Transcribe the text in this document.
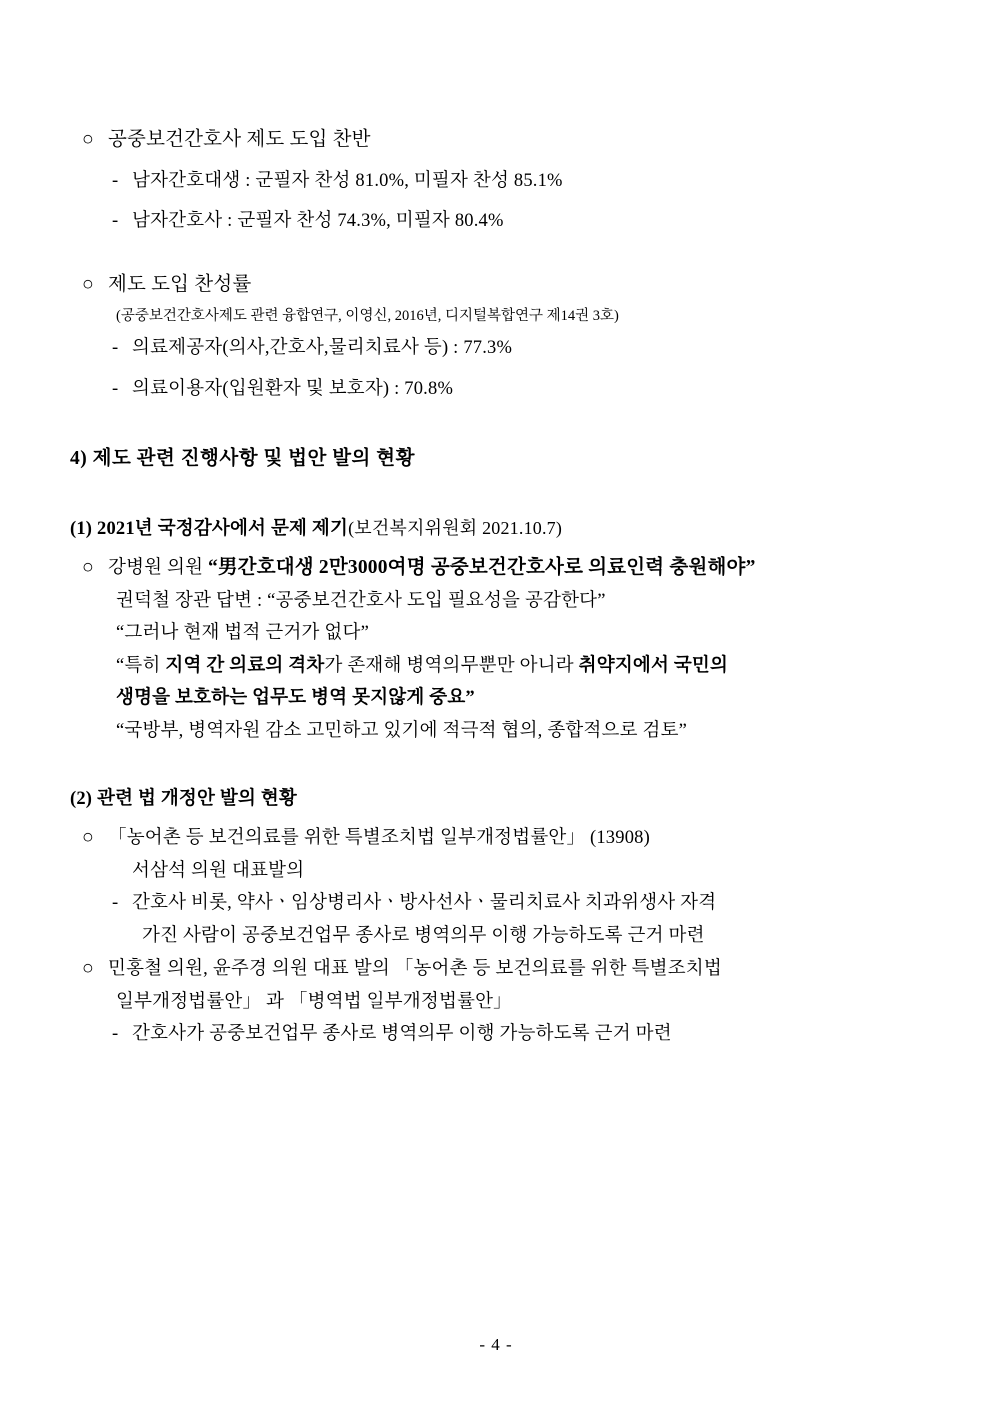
○ 공중보건간호사 제도 도입 찬반
- 남자간호대생 : 군필자 찬성 81.0%, 미필자 찬성 85.1%
- 남자간호사 : 군필자 찬성 74.3%, 미필자 80.4%
○ 제도 도입 찬성률
(공중보건간호사제도 관련 융합연구, 이영신, 2016년, 디지털복합연구 제14권 3호)
- 의료제공자(의사,간호사,물리치료사 등) : 77.3%
- 의료이용자(입원환자 및 보호자) : 70.8%
4) 제도 관련 진행사항 및 법안 발의 현황
(1) 2021년 국정감사에서 문제 제기(보건복지위원회 2021.10.7)
○ 강병원 의원 “男간호대생 2만3000여명 공중보건간호사로 의료인력 충원해야”
권덕철 장관 답변 : “공중보건간호사 도입 필요성을 공감한다”
“그러나 현재 법적 근거가 없다”
“특히 지역 간 의료의 격차가 존재해 병역의무뿐만 아니라 취약지에서 국민의
생명을 보호하는 업무도 병역 못지않게 중요”
“국방부, 병역자원 감소 고민하고 있기에 적극적 협의, 종합적으로 검토”
(2) 관련 법 개정안 발의 현황
○ 「농어촌 등 보건의료를 위한 특별조치법 일부개정법률안」 (13908)
서삼석 의원 대표발의
- 간호사 비롯, 약사ㆍ임상병리사ㆍ방사선사ㆍ물리치료사 치과위생사 자격
가진 사람이 공중보건업무 종사로 병역의무 이행 가능하도록 근거 마련
○ 민홍철 의원, 윤주경 의원 대표 발의 「농어촌 등 보건의료를 위한 특별조치법
일부개정법률안」 과 「병역법 일부개정법률안」
- 간호사가 공중보건업무 종사로 병역의무 이행 가능하도록 근거 마련
- 4 -
